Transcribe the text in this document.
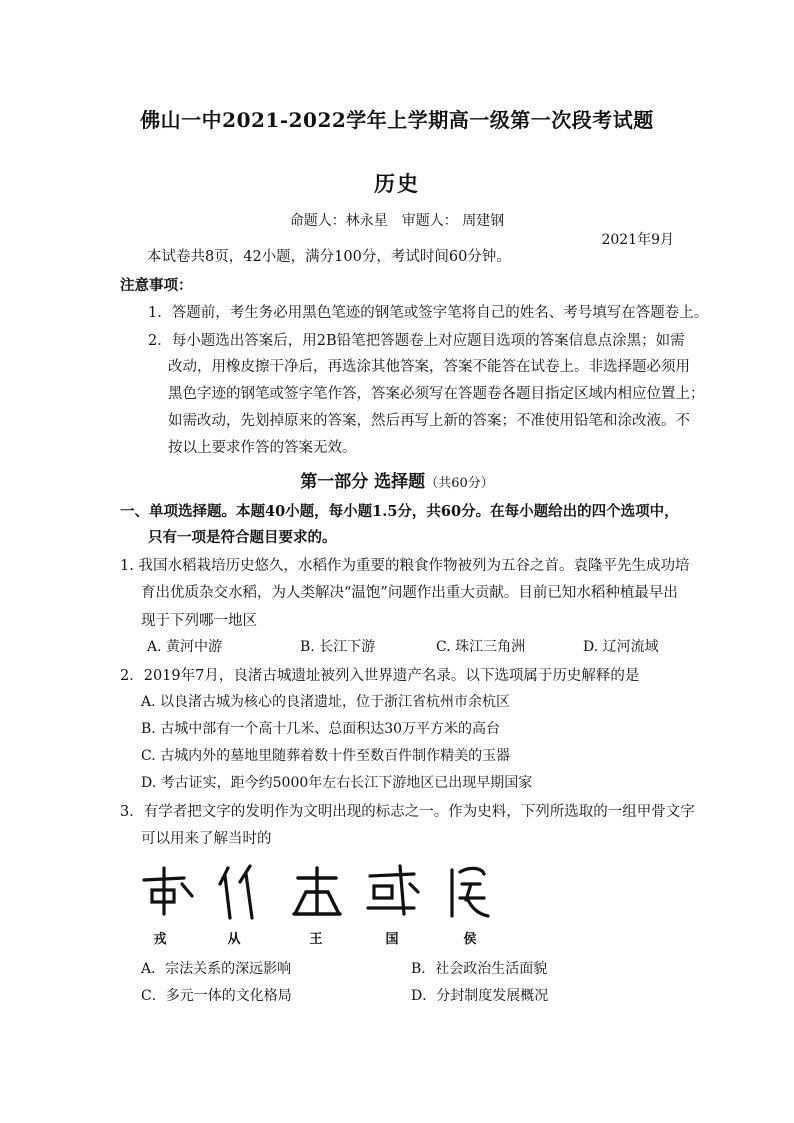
佛山一中2021-2022学年上学期高一级第一次段考试题
历史
命题人：林永星 审题人： 周建钢
2021年9月
本试卷共8页，42小题，满分100分，考试时间60分钟。
注意事项：
1．答题前，考生务必用黑色笔迹的钢笔或签字笔将自己的姓名、考号填写在答题卷上。
2．每小题选出答案后，用2B铅笔把答题卷上对应题目选项的答案信息点涂黑；如需
改动，用橡皮擦干净后，再选涂其他答案，答案不能答在试卷上。非选择题必须用
黑色字迹的钢笔或签字笔作答，答案必须写在答题卷各题目指定区域内相应位置上；
如需改动，先划掉原来的答案，然后再写上新的答案；不准使用铅笔和涂改液。不
按以上要求作答的答案无效。
第一部分 选择题（共60分）
一、单项选择题。本题40小题，每小题1.5分，共60分。在每小题给出的四个选项中，
只有一项是符合题目要求的。
1. 我国水稻栽培历史悠久，水稻作为重要的粮食作物被列为五谷之首。袁隆平先生成功培
育出优质杂交水稻，为人类解决“温饱”问题作出重大贡献。目前已知水稻种植最早出
现于下列哪一地区
A. 黄河中游	B. 长江下游	C. 珠江三角洲	D. 辽河流域
2．2019年7月，良渚古城遗址被列入世界遗产名录。以下选项属于历史解释的是
A. 以良渚古城为核心的良渚遗址，位于浙江省杭州市余杭区
B. 古城中部有一个高十几米、总面积达30万平方米的高台
C. 古城内外的墓地里随葬着数十件至数百件制作精美的玉器
D. 考古证实，距今约5000年左右长江下游地区已出现早期国家
3．有学者把文字的发明作为文明出现的标志之一。作为史料，下列所选取的一组甲骨文字
可以用来了解当时的
戎	从	王	国	侯
A．宗法关系的深远影响	B．社会政治生活面貌
C．多元一体的文化格局	D．分封制度发展概况
